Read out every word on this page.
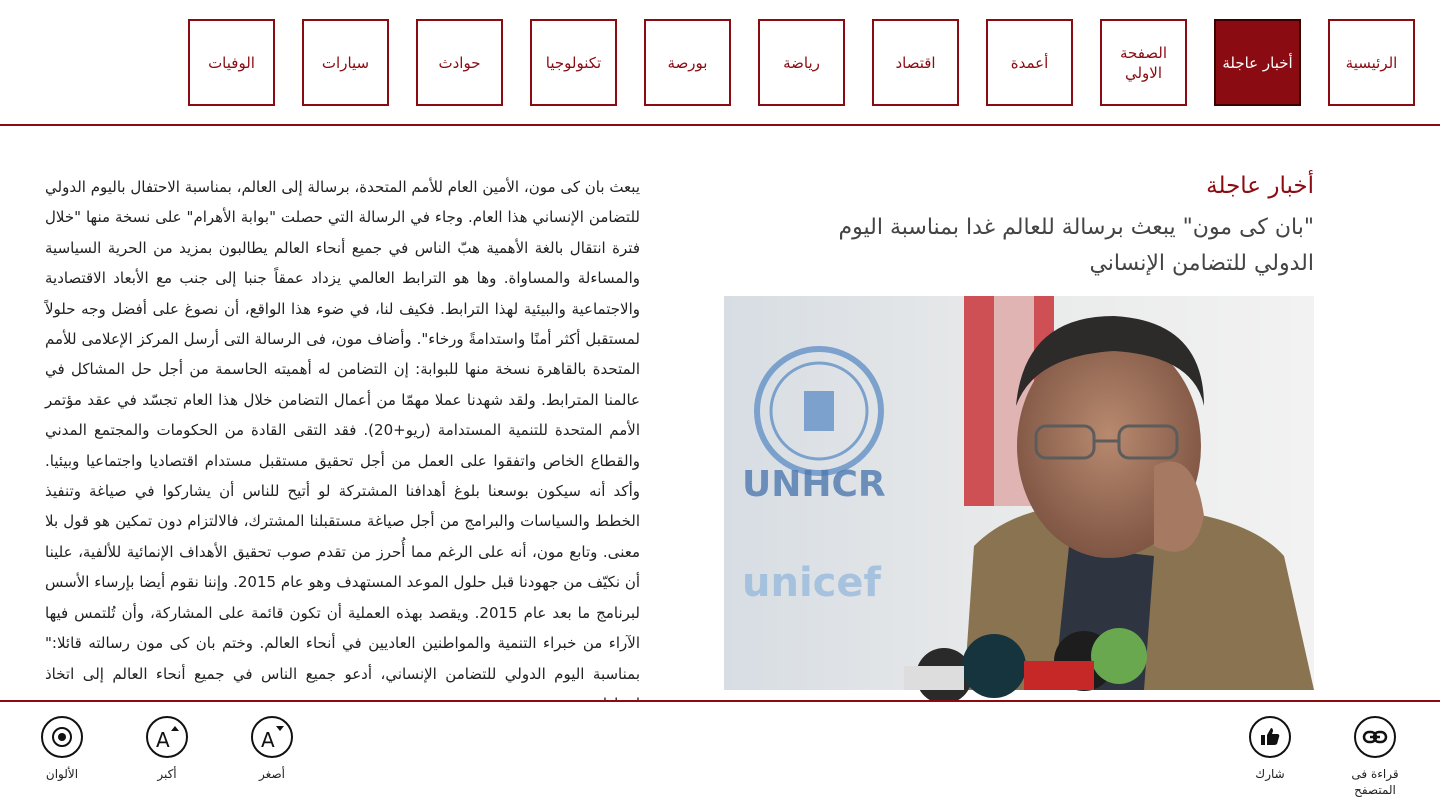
الرئيسية
أخبار عاجلة
الصفحة الاولي
أعمدة
اقتصاد
رياضة
بورصة
تكنولوجيا
حوادث
سيارات
الوفيات
يبعث بان كى مون، الأمين العام للأمم المتحدة، برسالة إلى العالم، بمناسبة الاحتفال باليوم الدولي للتضامن الإنساني هذا العام. وجاء في الرسالة التي حصلت "بوابة الأهرام" على نسخة منها "خلال فترة انتقال بالغة الأهمية هبّ الناس في جميع أنحاء العالم يطالبون بمزيد من الحرية السياسية والمساءلة والمساواة. وها هو الترابط العالمي يزداد عمقاً جنبا إلى جنب مع الأبعاد الاقتصادية والاجتماعية والبيئية لهذا الترابط. فكيف لنا، في ضوء هذا الواقع، أن نصوغ على أفضل وجه حلولاً لمستقبل أكثر أمنًا واستدامةً ورخاء". وأضاف مون، فى الرسالة التى أرسل المركز الإعلامى للأمم المتحدة بالقاهرة نسخة منها للبوابة: إن التضامن له أهميته الحاسمة من أجل حل المشاكل في عالمنا المترابط. ولقد شهدنا عملا مهمّا من أعمال التضامن خلال هذا العام تجسّد في عقد مؤتمر الأمم المتحدة للتنمية المستدامة (ريو+20). فقد التقى القادة من الحكومات والمجتمع المدني والقطاع الخاص واتفقوا على العمل من أجل تحقيق مستقبل مستدام اقتصاديا واجتماعيا وبيئيا. وأكد أنه سيكون بوسعنا بلوغ أهدافنا المشتركة لو أتيح للناس أن يشاركوا في صياغة وتنفيذ الخطط والسياسات والبرامج من أجل صياغة مستقبلنا المشترك، فالالتزام دون تمكين هو قول بلا معنى. وتابع مون، أنه على الرغم مما أُحرز من تقدم صوب تحقيق الأهداف الإنمائية للألفية، علينا أن نكيّف من جهودنا قبل حلول الموعد المستهدف وهو عام 2015. وإننا نقوم أيضا بإرساء الأسس لبرنامج ما بعد عام 2015. ويقصد بهذه العملية أن تكون قائمة على المشاركة، وأن تُلتمس فيها الآراء من خبراء التنمية والمواطنين العاديين في أنحاء العالم. وختم بان كى مون رسالته قائلا:" بمناسبة اليوم الدولي للتضامن الإنساني، أدعو جميع الناس في جميع أنحاء العالم إلى اتخاذ
أخبار عاجلة
"بان كى مون" يبعث برسالة للعالم غدا بمناسبة اليوم الدولي للتضامن الإنساني
UNHCR
unicef
الألوان
A
أكبر
A
أصغر	شارك	قراءة فى المتصفح
